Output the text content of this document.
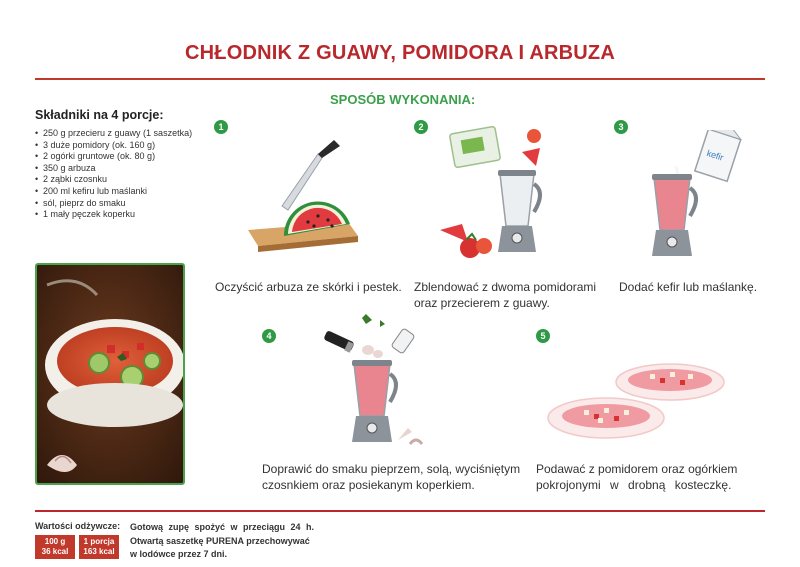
CHŁODNIK Z GUAWY, POMIDORA I ARBUZA
SPOSÓB WYKONANIA:
Składniki na 4 porcje:
• 250 g przecieru z guawy (1 saszetka)
• 3 duże pomidory (ok. 160 g)
• 2 ogórki gruntowe (ok. 80 g)
• 350 g arbuza
• 2 ząbki czosnku
• 200 ml kefiru lub maślanki
• sól, pieprz do smaku
• 1 mały pęczek koperku
1	2	3
4	5
kefir
Oczyścić arbuza ze skórki i pestek. Zblendować z dwoma pomidorami
oraz przecierem z guawy.
Dodać kefir lub maślankę.
Doprawić do smaku pieprzem, solą, wyciśniętym
czosnkiem oraz posiekanym koperkiem.
Podawać z pomidorem oraz ogórkiem
pokrojonymi w drobną kosteczkę.
Wartości odżywcze:
100 g
36 kcal
1 porcja
163 kcal
Gotową zupę spożyć w przeciągu 24 h.
Otwartą saszetkę PURENA przechowywać
w lodówce przez 7 dni.
